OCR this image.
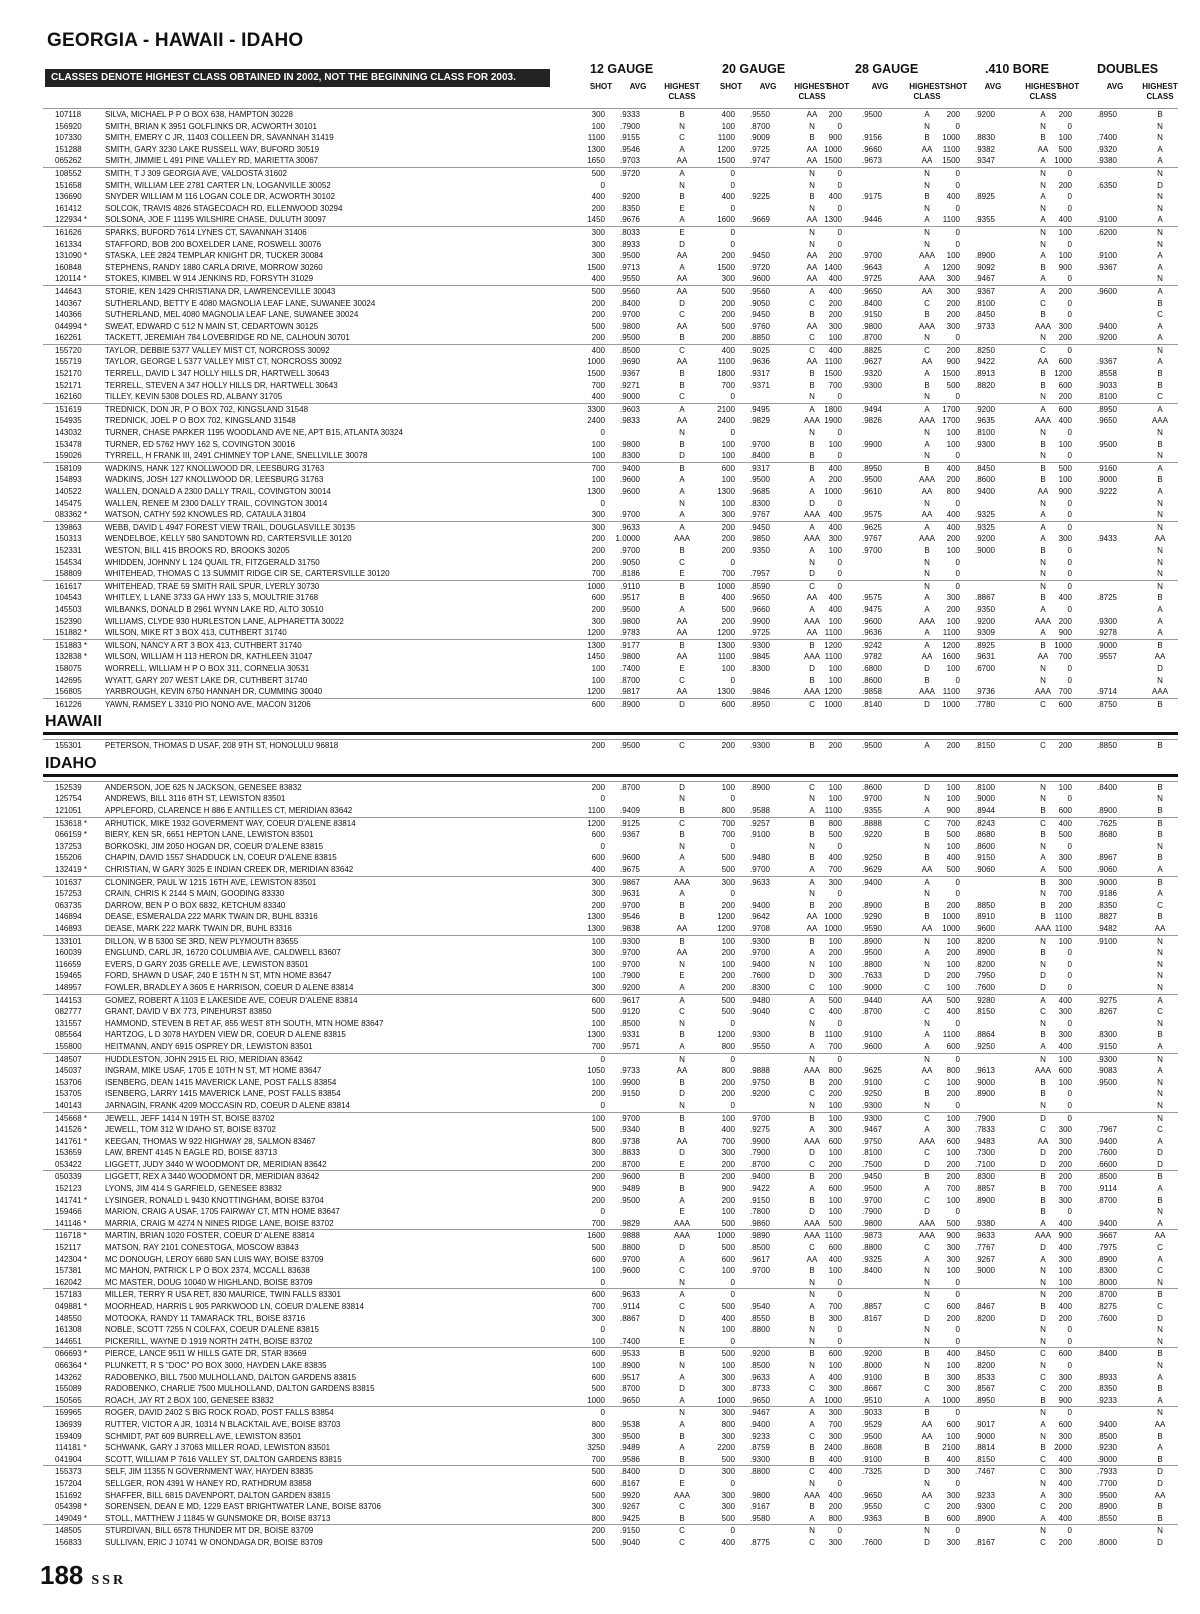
GEORGIA - HAWAII - IDAHO
CLASSES DENOTE HIGHEST CLASS OBTAINED IN 2002, NOT THE BEGINNING CLASS FOR 2003.
12 GAUGE	20 GAUGE	28 GAUGE	.410 BORE	DOUBLES
SHOT	AVG	HIGHEST CLASS
SHOT	AVG	HIGHEST CLASS
SHOT	AVG	HIGHEST CLASS
SHOT	AVG	HIGHEST CLASS
SHOT	AVG	HIGHEST CLASS
107118	SILVA, MICHAEL P P O BOX 638, HAMPTON 30228	300	.9333	B	400	.9550	AA	200	.9500	A	200	.9200	A	200	.8950	B
156920	SMITH, BRIAN K 3951 GOLFLINKS DR, ACWORTH 30101	100	.7900	N	100	.8700	N	0	N	0	N	0	N
107330	SMITH, EMERY C JR, 11403 COLLEEN DR, SAVANNAH 31419	1100	.9155	C	1100	.9009	B	900	.9156	B	1000	.8830	B	100	.7400	N
151288	SMITH, GARY 3230 LAKE RUSSELL WAY, BUFORD 30519	1300	.9546	A	1200	.9725	AA 1000	.9660	AA	1100	.9382	AA	500	.9320	A
065262	SMITH, JIMMIE L 491 PINE VALLEY RD, MARIETTA 30067	1650	.9703	AA	1500	.9747	AA 1500	.9673	AA	1500	.9347	A	1000	.9380	A
108552	SMITH, T J 309 GEORGIA AVE, VALDOSTA 31602	500	.9720	A	0	N	0	N	0	N	0	N
151658	SMITH, WILLIAM LEE 2781 CARTER LN, LOGANVILLE 30052	0	N	0	N	0	N	0	N	200	.6350	D
136690	SNYDER WILLIAM M 116 LOGAN COLE DR, ACWORTH 30102	400	.9200	B	400	.9225	B	400	.9175	B	400	.8925	A	0	N
161412	SOLCOK, TRAVIS 4826 STAGECOACH RD, ELLENWOOD 30294	200	.8350	E	0	N	0	N	0	N	0	N
122934 *	SOLSONA, JOE F 11195 WILSHIRE CHASE, DULUTH 30097	1450	.9676	A	1600	.9669	AA 1300	.9446	A	1100	.9355	A	400	.9100	A
161626	SPARKS, BUFORD 7614 LYNES CT, SAVANNAH 31406	300	.8033	E	0	N	0	N	0	N	100	.6200	N
161334	STAFFORD, BOB 200 BOXELDER LANE, ROSWELL 30076	300	.8933	D	0	N	0	N	0	N	0	N
131090 *	STASKA, LEE 2824 TEMPLAR KNIGHT DR, TUCKER 30084	300	.9500	AA	200	.9450	AA	200	.9700	AAA	100	.8900	A	100	.9100	A
160848	STEPHENS, RANDY 1880 CARLA DRIVE, MORROW 30260	1500	.9713	A	1500	.9720	AA 1400	.9643	A	1200	.9092	B	900	.9367	A
120114 *	STOKES, KIMBEL W 914 JENKINS RD, FORSYTH 31029	400	.9550	AA	300	.9600	AA	400	.9725	AAA	300	.9467	A	0	N
144643	STORIE, KEN 1429 CHRISTIANA DR, LAWRENCEVILLE 30043	500	.9560	AA	500	.9560	A	400	.9650	AA	300	.9367	A	200	.9600	A
140367	SUTHERLAND, BETTY E 4080 MAGNOLIA LEAF LANE, SUWANEE 30024	200	.8400	D	200	.9050	C	200	.8400	C	200	.8100	C	0	B
140366	SUTHERLAND, MEL 4080 MAGNOLIA LEAF LANE, SUWANEE 30024	200	.9700	C	200	.9450	B	200	.9150	B	200	.8450	B	0	C
044994 *	SWEAT, EDWARD C 512 N MAIN ST, CEDARTOWN 30125	500	.9800	AA	500	.9760	AA	300	.9800	AAA	300	.9733	AAA 300	.9400	A
162261	TACKETT, JEREMIAH 784 LOVEBRIDGE RD NE, CALHOUN 30701	200	.9500	B	200	.8850	C	100	.8700	N	0	N	200	.9200	A
155720	TAYLOR, DEBBIE 5377 VALLEY MIST CT, NORCROSS 30092	400	.8500	C	400	.9025	C	400	.8825	C	200	.8250	C	0	N
155719	TAYLOR, GEORGE L 5377 VALLEY MIST CT, NORCROSS 30092	1000	.9690	AA	1100	.9636	AA 1100	.9627	AA	900	.9422	AA	600	.9367	A
152170	TERRELL, DAVID L 347 HOLLY HILLS DR, HARTWELL 30643	1500	.9367	B	1800	.9317	B	1500	.9320	A	1500	.8913	B	1200	.8558	B
152171	TERRELL, STEVEN A 347 HOLLY HILLS DR, HARTWELL 30643	700	.9271	B	700	.9371	B	700	.9300	B	500	.8820	B	600	.9033	B
162160	TILLEY, KEVIN 5308 DOLES RD, ALBANY 31705	400	.9000	C	0	N	0	N	0	N	200	.8100	C
151619	TREDNICK, DON JR, P O BOX 702, KINGSLAND 31548	3300	.9603	A	2100	.9495	A	1800	.9494	A	1700	.9200	A	600	.8950	A
154935	TREDNICK, JOEL P O BOX 702, KINGSLAND 31548	2400	.9833	AA	2400	.9829	AAA 1900	.9826	AAA 1700	.9635	AAA 400	.9650	AAA
143032	TURNER, CHASE PARKER 1195 WOODLAND AVE NE, APT B15, ATLANTA 30324	0	N	0	N	0	N	100	.8100	N	0	N
153478	TURNER, ED 5762 HWY 162 S, COVINGTON 30016	100	.9800	B	100	.9700	B	100	.9900	A	100	.9300	B	100	.9500	B
159026	TYRRELL, H FRANK III, 2491 CHIMNEY TOP LANE, SNELLVILLE 30078	100	.8300	D	100	.8400	B	0	N	0	N	0	N
158109	WADKINS, HANK 127 KNOLLWOOD DR, LEESBURG 31763	700	.9400	B	600	.9317	B	400	.8950	B	400	.8450	B	500	.9160	A
154893	WADKINS, JOSH 127 KNOLLWOOD DR, LEESBURG 31763	100	.9600	A	100	.9500	A	200	.9500	AAA	200	.8600	B	100	.9000	B
140522	WALLEN, DONALD A 2300 DALLY TRAIL, COVINGTON 30014	1300	.9600	A	1300	.9685	A	1000	.9610	AA	800	.9400	AA	900	.9222	A
145475	WALLEN, RENEE M 2300 DALLY TRAIL, COVINGTON 30014	0	N	100	.8300	D	0	N	0	N	0	N
083362 *	WATSON, CATHY 592 KNOWLES RD, CATAULA 31804	300	.9700	A	300	.9767	AAA	400	.9575	AA	400	.9325	A	0	N
139863	WEBB, DAVID L 4947 FOREST VIEW TRAIL, DOUGLASVILLE 30135	300	.9633	A	200	.9450	A	400	.9625	A	400	.9325	A	0	N
150313	WENDELBOE, KELLY 580 SANDTOWN RD, CARTERSVILLE 30120	200	1.0000	AAA	200	.9850	AAA	300	.9767	AAA	200	.9200	A	300	.9433	AA
152331	WESTON, BILL 415 BROOKS RD, BROOKS 30205	200	.9700	B	200	.9350	A	100	.9700	B	100	.9000	B	0	N
154534	WHIDDEN, JOHNNY L 124 QUAIL TR, FITZGERALD 31750	200	.9050	C	0	N	0	N	0	N	0	N
158809	WHITEHEAD, THOMAS C 13 SUMMIT RIDGE CIR SE, CARTERSVILLE 30120	700	.8186	E	700	.7957	D	0	N	0	N	0	N
161617	WHITEHEAD, TRAE 59 SMITH RAIL SPUR, LYERLY 30730	1000	.9110	B	1000	.8590	C	0	N	0	N	0	N
104543	WHITLEY, L LANE 3733 GA HWY 133 S, MOULTRIE 31768	600	.9517	B	400	.9650	AA	400	.9575	A	300	.8867	B	400	.8725	B
145503	WILBANKS, DONALD B 2961 WYNN LAKE RD, ALTO 30510	200	.9500	A	500	.9660	A	400	.9475	A	200	.9350	A	0	A
152390	WILLIAMS, CLYDE 930 HURLESTON LANE, ALPHARETTA 30022	300	.9800	AA	200	.9900	AAA	100	.9600	AAA	100	.9200	AAA 200	.9300	A
151882 *	WILSON, MIKE RT 3 BOX 413, CUTHBERT 31740	1200	.9783	AA	1200	.9725	AA 1100	.9636	A	1100	.9309	A	900	.9278	A
151883 *	WILSON, NANCY A RT 3 BOX 413, CUTHBERT 31740	1300	.9177	B	1300	.9300	B	1200	.9242	A	1200	.8925	B	1000	.9000	B
132838 *	WILSON, WILLIAM H 113 HERON DR, KATHLEEN 31047	1450	.9800	AA	1100	.9845	AAA 1100	.9782	AA	1600	.9631	AA	700	.9557	AA
158075	WORRELL, WILLIAM H P O BOX 311, CORNELIA 30531	100	.7400	E	100	.8300	D	100	.6800	D	100	.6700	N	0	D
142695	WYATT, GARY 207 WEST LAKE DR, CUTHBERT 31740	100	.8700	C	0	B	100	.8600	B	0	N	0	N
156805	YARBROUGH, KEVIN 6750 HANNAH DR, CUMMING 30040	1200	.9817	AA	1300	.9846	AAA 1200	.9858	AAA 1100	.9736	AAA 700	.9714	AAA
161226	YAWN, RAMSEY L 3310 PIO NONO AVE, MACON 31206	600	.8900	D	600	.8950	C	1000	.8140	D	1000	.7780	C	600	.8750	B
HAWAII
155301	PETERSON, THOMAS D USAF, 208 9TH ST, HONOLULU 96818	200	.9500	C	200	.9300	B	200	.9500	A	200	.8150	C	200	.8850	B
IDAHO
152539	ANDERSON, JOE 625 N JACKSON, GENESEE 83832	200	.8700	D	100	.8900	C	100	.8600	D	100	.8100	N	100	.8400	B
125754	ANDREWS, BILL 3116 8TH ST, LEWISTON 83501	0	N	0	N	100	.9700	N	100	.9000	N	0	N
121051	APPLEFORD, CLARENCE H 886 E ANTILLES CT, MERIDIAN 83642	1100	.9409	B	800	.9588	A	1100	.9355	A	900	.8944	B	600	.8900	B
153618 *	ARHUTICK, MIKE 1932 GOVERMENT WAY, COEUR D'ALENE 83814	1200	.9125	C	700	.9257	B	800	.8888	C	700	.8243	C	400	.7625	B
066159 *	BIERY, KEN SR, 6651 HEPTON LANE, LEWISTON 83501	600	.9367	B	700	.9100	B	500	.9220	B	500	.8680	B	500	.8680	B
137253	BORKOSKI, JIM 2050 HOGAN DR, COEUR D'ALENE 83815	0	N	0	N	0	N	100	.8600	N	0	N
155206	CHAPIN, DAVID 1557 SHADDUCK LN, COEUR D'ALENE 83815	600	.9600	A	500	.9480	B	400	.9250	B	400	.9150	A	300	.8967	B
132419 *	CHRISTIAN, W GARY 3025 E INDIAN CREEK DR, MERIDIAN 83642	400	.9675	A	500	.9700	A	700	.9629	AA	500	.9060	A	500	.9060	A
101637	CLONINGER, PAUL W 1215 16TH AVE, LEWISTON 83501	300	.9867	AAA	300	.9633	A	300	.9400	A	0	B	300	.9000	B
157253	CRAIN, CHRIS K 2144 S MAIN, GOODING 83330	300	.9631	A	0	N	0	N	0	N	700	.9186	A
063735	DARROW, BEN P O BOX 6832, KETCHUM 83340	200	.9700	B	200	.9400	B	200	.8900	B	200	.8850	B	200	.8350	C
146894	DEASE, ESMERALDA 222 MARK TWAIN DR, BUHL 83316	1300	.9546	B	1200	.9642	AA 1000	.9290	B	1000	.8910	B	1100	.8827	B
146893	DEASE, MARK 222 MARK TWAIN DR, BUHL 83316	1300	.9838	AA	1200	.9708	AA 1000	.9590	AA	1000	.9600	AAA 1100	.9482	AA
133101	DILLON, W B 5300 SE 3RD, NEW PLYMOUTH 83655	100	.9300	B	100	.9300	B	100	.8900	N	100	.8200	N	100	.9100	N
160039	ENGLUND, CARL JR, 16720 COLUMBIA AVE, CALDWELL 83607	300	.9700	AA	200	.9700	A	200	.9500	A	200	.8900	B	0	N
116659	EVERS, D GARY 2035 GRELLE AVE, LEWISTON 83501	100	.9700	N	100	.9400	N	100	.8800	N	100	.8200	N	0	N
159465	FORD, SHAWN D USAF, 240 E 15TH N ST, MTN HOME 83647	100	.7900	E	200	.7600	D	300	.7633	D	200	.7950	D	0	N
148957	FOWLER, BRADLEY A 3605 E HARRISON, COEUR D ALENE 83814	300	.9200	A	200	.8300	C	100	.9000	C	100	.7600	D	0	N
144153	GOMEZ, ROBERT A 1103 E LAKESIDE AVE, COEUR D'ALENE 83814	600	.9617	A	500	.9480	A	500	.9440	AA	500	.9280	A	400	.9275	A
082777	GRANT, DAVID V BX 773, PINEHURST 83850	500	.9120	C	500	.9040	C	400	.8700	C	400	.8150	C	300	.8267	C
131557	HAMMOND, STEVEN B RET AF, 855 WEST 8TH SOUTH, MTN HOME 83647	100	.8500	N	0	N	0	N	0	N	0	N
085564	HARTZOG, L D 3078 HAYDEN VIEW DR, COEUR D ALENE 83815	1300	.9331	B	1200	.9300	B	1100	.9100	A	1100	.8864	B	300	.8300	B
155800	HEITMANN, ANDY 6915 OSPREY DR, LEWISTON 83501	700	.9571	A	800	.9550	A	700	.9600	A	600	.9250	A	400	.9150	A
148507	HUDDLESTON, JOHN 2915 EL RIO, MERIDIAN 83642	0	N	0	N	0	N	0	N	100	.9300	N
145037	INGRAM, MIKE USAF, 1705 E 10TH N ST, MT HOME 83647	1050	.9733	AA	800	.9888	AAA	800	.9625	AA	800	.9613	AAA 600	.9083	A
153706	ISENBERG, DEAN 1415 MAVERICK LANE, POST FALLS 83854	100	.9900	B	200	.9750	B	200	.9100	C	100	.9000	B	100	.9500	N
153705	ISENBERG, LARRY 1415 MAVERICK LANE, POST FALLS 83854	200	.9150	D	200	.9200	C	200	.9250	B	200	.8900	B	0	N
140143	JARNAGIN, FRANK 4209 MOCCASIN RD, COEUR D ALENE 83814	0	N	0	N	100	.9300	N	0	N	0	N
145668 *	JEWELL, JEFF 1414 N 19TH ST, BOISE 83702	100	.9700	B	100	.9700	B	100	.9300	C	100	.7900	D	0	N
141526 *	JEWELL, TOM 312 W IDAHO ST, BOISE 83702	500	.9340	B	400	.9275	A	300	.9467	A	300	.7833	C	300	.7967	C
141761 *	KEEGAN, THOMAS W 922 HIGHWAY 28, SALMON 83467	800	.9738	AA	700	.9900	AAA	600	.9750	AAA	600	.9483	AA	300	.9400	A
153659	LAW, BRENT 4145 N EAGLE RD, BOISE 83713	300	.8833	D	300	.7900	D	100	.8100	C	100	.7300	D	200	.7600	D
053422	LIGGETT, JUDY 3440 W WOODMONT DR, MERIDIAN 83642	200	.8700	E	200	.8700	C	200	.7500	D	200	.7100	D	200	.6600	D
050339	LIGGETT, REX A 3440 WOODMONT DR, MERIDIAN 83642	200	.9600	B	200	.9400	B	200	.9450	B	200	.8300	B	200	.8500	B
152123	LYONS, JIM 414 S GARFIELD, GENESEE 83832	900	.9489	B	900	.9422	A	600	.9500	A	700	.8857	B	700	.9114	A
141741 *	LYSINGER, RONALD L 9430 KNOTTINGHAM, BOISE 83704	200	.9500	A	200	.9150	B	100	.9700	C	100	.8900	B	300	.8700	B
159466	MARION, CRAIG A USAF, 1705 FAIRWAY CT, MTN HOME 83647	0	E	100	.7800	D	100	.7900	D	0	B	0	N
141146 *	MARRIA, CRAIG M 4274 N NINES RIDGE LANE, BOISE 83702	700	.9829	AAA	500	.9860	AAA	500	.9800	AAA	500	.9380	A	400	.9400	A
116718 *	MARTIN, BRIAN 1020 FOSTER, COEUR D' ALENE 83814	1600	.9888	AAA	1000	.9890	AAA 1100	.9873	AAA	900	.9633	AAA 900	.9667	AA
152117	MATSON, RAY 2101 CONESTOGA, MOSCOW 83843	500	.8800	D	500	.8500	C	600	.8800	C	300	.7767	D	400	.7975	C
142304 *	MC DONOUGH, LEROY 6680 SAN LUIS WAY, BOISE 83709	600	.9700	A	600	.9617	AA	400	.9325	A	300	.9267	A	300	.8900	A
157381	MC MAHON, PATRICK L P O BOX 2374, MCCALL 83638	100	.9600	C	100	.9700	B	100	.8400	N	100	.9000	N	100	.8300	C
162042	MC MASTER, DOUG 10040 W HIGHLAND, BOISE 83709	0	N	0	N	0	N	0	N	100	.8000	N
157183	MILLER, TERRY R USA RET, 830 MAURICE, TWIN FALLS 83301	600	.9633	A	0	N	0	N	0	N	200	.8700	B
049881 *	MOORHEAD, HARRIS L 905 PARKWOOD LN, COEUR D'ALENE 83814	700	.9114	C	500	.9540	A	700	.8857	C	600	.8467	B	400	.8275	C
148550	MOTOOKA, RANDY 11 TAMARACK TRL, BOISE 83716	300	.8867	D	400	.8550	B	300	.8167	D	200	.8200	D	200	.7600	D
161308	NOBLE, SCOTT 7255 N COLFAX, COEUR D'ALENE 83815	0	N	100	.8800	N	0	N	0	N	0	N
144651	PICKERILL, WAYNE D 1919 NORTH 24TH, BOISE 83702	100	.7400	E	0	N	0	N	0	N	0	N
066693 *	PIERCE, LANCE 9511 W HILLS GATE DR, STAR 83669	600	.9533	B	500	.9200	B	600	.9200	B	400	.8450	C	600	.8400	B
066364 *	PLUNKETT, R S "DOC" PO BOX 3000, HAYDEN LAKE 83835	100	.8900	N	100	.8500	N	100	.8000	N	100	.8200	N	0	N
143262	RADOBENKO, BILL 7500 MULHOLLAND, DALTON GARDENS 83815	600	.9517	A	300	.9633	A	400	.9100	B	300	.8533	C	300	.8933	A
155089	RADOBENKO, CHARLIE 7500 MULHOLLAND, DALTON GARDENS 83815	500	.8700	D	300	.8733	C	300	.8667	C	300	.8567	C	200	.8350	B
150565	ROACH, JAY RT 2 BOX 100, GENESEE 83832	1000	.9650	A	1000	.9650	A	1000	.9510	A	1000	.8950	B	900	.9233	A
159965	ROGER, DAVID 2402 S BIG ROCK ROAD, POST FALLS 83854	0	N	300	.9467	A	300	.9033	B	0	N	0	N
136939	RUTTER, VICTOR A JR, 10314 N BLACKTAIL AVE, BOISE 83703	800	.9538	A	800	.9400	A	700	.9529	AA	600	.9017	A	600	.9400	AA
159409	SCHMIDT, PAT 609 BURRELL AVE, LEWISTON 83501	300	.9500	B	300	.9233	C	300	.9500	AA	100	.9000	N	300	.8500	B
114181 *	SCHWANK, GARY J 37063 MILLER ROAD, LEWISTON 83501	3250	.9489	A	2200	.8759	B	2400	.8608	B	2100	.8814	B	2000	.9230	A
041904	SCOTT, WILLIAM P 7616 VALLEY ST, DALTON GARDENS 83815	700	.9586	B	500	.9300	B	400	.9100	B	400	.8150	C	400	.9000	B
155373	SELF, JIM 11355 N GOVERNMENT WAY, HAYDEN 83835	500	.8400	D	300	.8800	C	400	.7325	D	300	.7467	C	300	.7933	D
157204	SELLGER, RON 4391 W HANEY RD, RATHDRUM 83858	600	.8167	E	0	N	0	N	0	N	400	.7700	D
151692	SHAFFER, BILL 6815 DAVENPORT, DALTON GARDEN 83815	500	.9920	AAA	300	.9800	AAA	400	.9650	AA	300	.9233	A	300	.9500	AA
054398 *	SORENSEN, DEAN E MD, 1229 EAST BRIGHTWATER LANE, BOISE 83706	300	.9267	C	300	.9167	B	200	.9550	C	200	.9300	C	200	.8900	B
149049 *	STOLL, MATTHEW J 11845 W GUNSMOKE DR, BOISE 83713	800	.9425	B	500	.9580	A	800	.9363	B	600	.8900	A	400	.8550	B
148505	STURDIVAN, BILL 6578 THUNDER MT DR, BOISE 83709	200	.9150	C	0	N	0	N	0	N	0	N
156833	SULLIVAN, ERIC J 10741 W ONONDAGA DR, BOISE 83709	500	.9040	C	400	.8775	C	300	.7600	D	300	.8167	C	200	.8000	D
188 SSR
